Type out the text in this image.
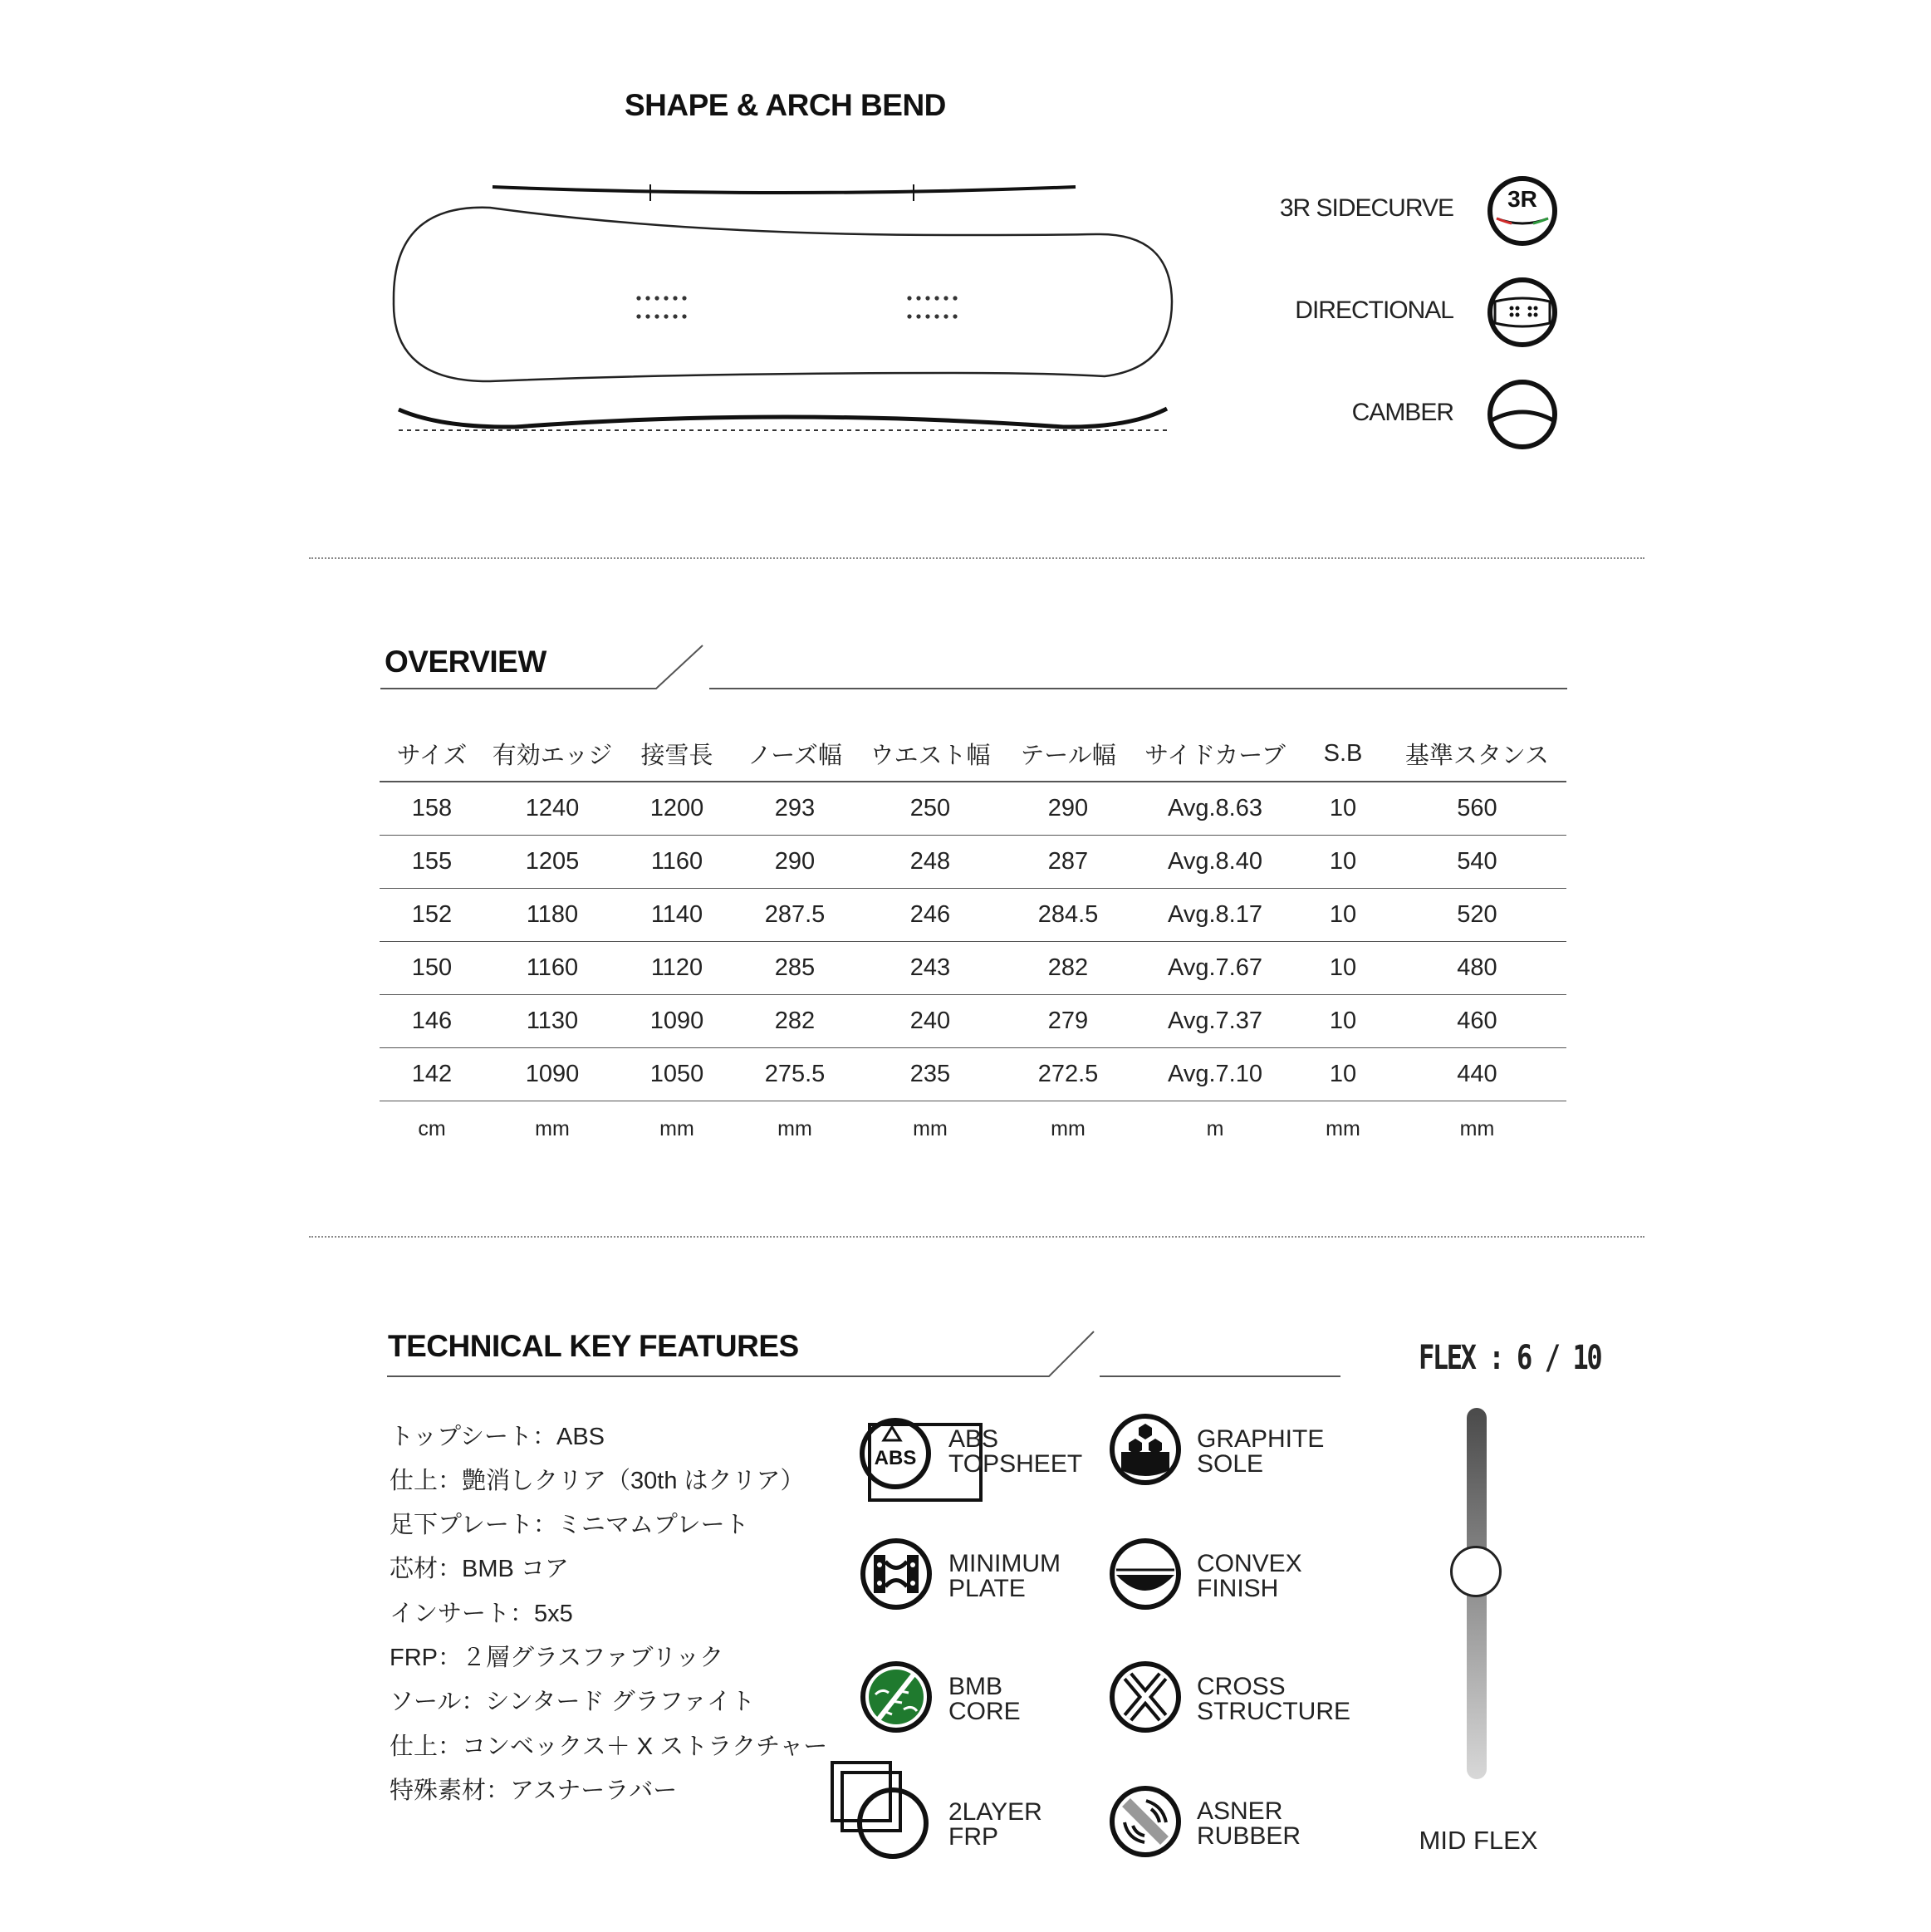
SHAPE & ARCH BEND
3R SIDECURVE 3R
DIRECTIONAL
CAMBER
OVERVIEW
サイズ	有効エッジ	接雪長	ノーズ幅	ウエスト幅	テール幅	サイドカーブ	S.B	基準スタンス
158	1240	1200	293	250	290	Avg.8.63	10	560
155	1205	1160	290	248	287	Avg.8.40	10	540
152	1180	1140	287.5	246	284.5	Avg.8.17	10	520
150	1160	1120	285	243	282	Avg.7.67	10	480
146	1130	1090	282	240	279	Avg.7.37	10	460
142	1090	1050	275.5	235	272.5	Avg.7.10	10	440
cm	mm	mm	mm	mm	mm	m	mm	mm
TECHNICAL KEY FEATURES
トップシート：ABS
仕上：艶消しクリア（30th はクリア）
足下プレート：ミニマムプレート
芯材：BMB コア
インサート：5x5
FRP：２層グラスファブリック
ソール：シンタード グラファイト
仕上：コンベックス＋ X ストラクチャー
特殊素材：アスナーラバー
ABS
ABS
TOPSHEET
MINIMUM
PLATE
BMB
CORE
2LAYER
FRP
GRAPHITE
SOLE
CONVEX
FINISH
CROSS
STRUCTURE
ASNER
RUBBER
FLEX : 6 / 10
MID FLEX
